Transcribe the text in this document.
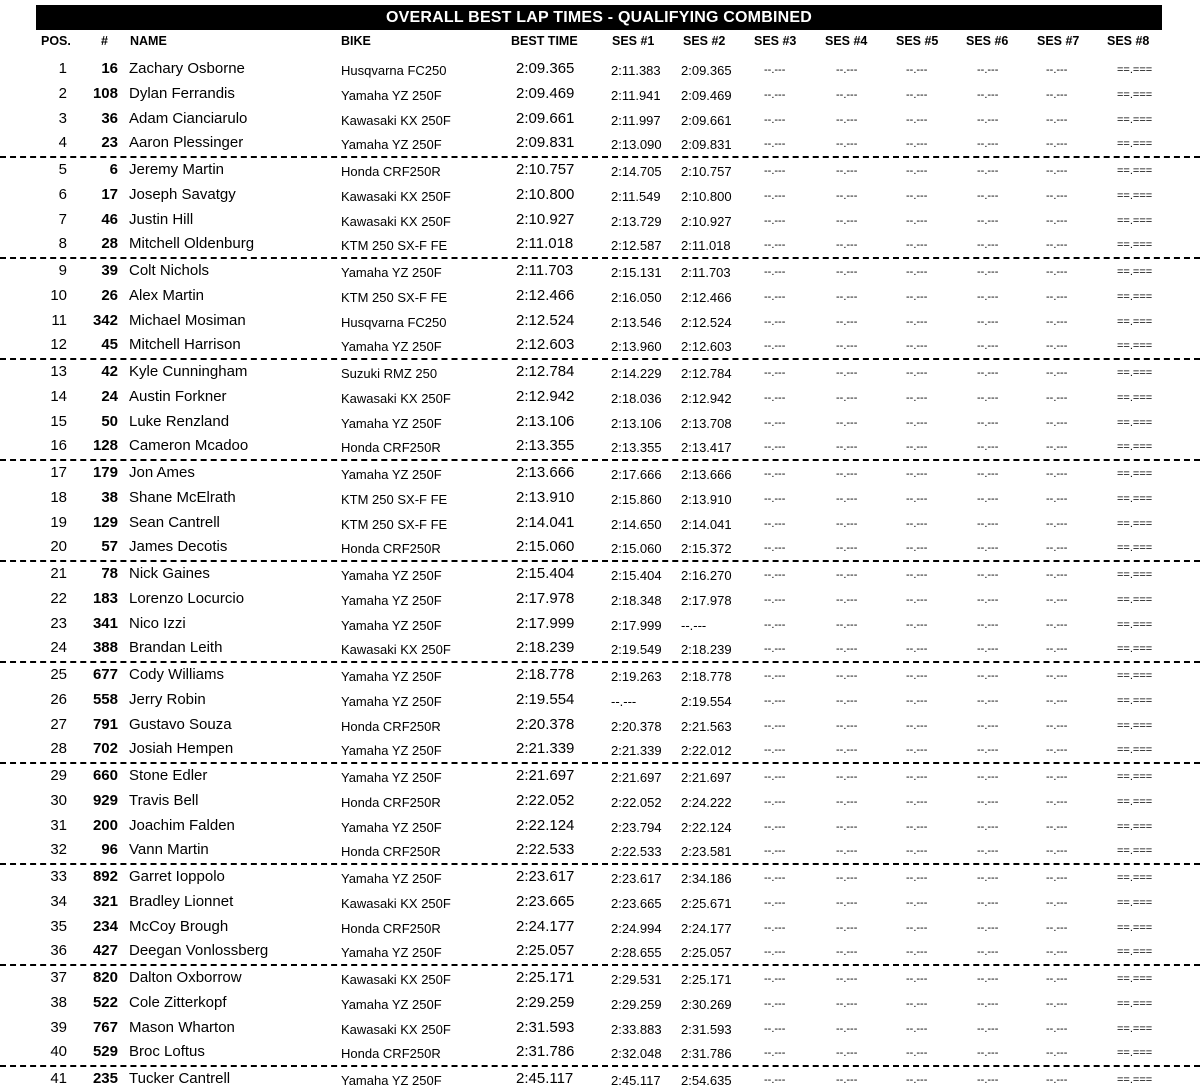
OVERALL BEST LAP TIMES - QUALIFYING COMBINED
POS. # NAME	BIKE	BEST TIME	SES #1 SES #2 SES #3 SES #4 SES #5 SES #6 SES #7 SES #8
1	16 Zachary Osborne	Husqvarna FC250	2:09.365	2:11.383 2:09.365	--.---	--.---	--.---	--.---	--.---	==.===
2	108 Dylan Ferrandis	Yamaha YZ 250F	2:09.469	2:11.941 2:09.469	--.---	--.---	--.---	--.---	--.---	==.===
3	36 Adam Cianciarulo	Kawasaki KX 250F	2:09.661	2:11.997 2:09.661	--.---	--.---	--.---	--.---	--.---	==.===
4	23 Aaron Plessinger	Yamaha YZ 250F	2:09.831	2:13.090 2:09.831	--.---	--.---	--.---	--.---	--.---	==.===
5	6 Jeremy Martin	Honda CRF250R	2:10.757	2:14.705 2:10.757	--.---	--.---	--.---	--.---	--.---	==.===
6	17 Joseph Savatgy	Kawasaki KX 250F	2:10.800	2:11.549 2:10.800	--.---	--.---	--.---	--.---	--.---	==.===
7	46 Justin Hill	Kawasaki KX 250F	2:10.927	2:13.729 2:10.927	--.---	--.---	--.---	--.---	--.---	==.===
8	28 Mitchell Oldenburg	KTM 250 SX-F FE	2:11.018	2:12.587 2:11.018	--.---	--.---	--.---	--.---	--.---	==.===
9	39 Colt Nichols	Yamaha YZ 250F	2:11.703	2:15.131 2:11.703	--.---	--.---	--.---	--.---	--.---	==.===
10	26 Alex Martin	KTM 250 SX-F FE	2:12.466	2:16.050 2:12.466	--.---	--.---	--.---	--.---	--.---	==.===
11	342 Michael Mosiman	Husqvarna FC250	2:12.524	2:13.546 2:12.524	--.---	--.---	--.---	--.---	--.---	==.===
12	45 Mitchell Harrison	Yamaha YZ 250F	2:12.603	2:13.960 2:12.603	--.---	--.---	--.---	--.---	--.---	==.===
13	42 Kyle Cunningham	Suzuki RMZ 250	2:12.784	2:14.229 2:12.784	--.---	--.---	--.---	--.---	--.---	==.===
14	24 Austin Forkner	Kawasaki KX 250F	2:12.942	2:18.036 2:12.942	--.---	--.---	--.---	--.---	--.---	==.===
15	50 Luke Renzland	Yamaha YZ 250F	2:13.106	2:13.106 2:13.708	--.---	--.---	--.---	--.---	--.---	==.===
16	128 Cameron Mcadoo	Honda CRF250R	2:13.355	2:13.355 2:13.417	--.---	--.---	--.---	--.---	--.---	==.===
17	179 Jon Ames	Yamaha YZ 250F	2:13.666	2:17.666 2:13.666	--.---	--.---	--.---	--.---	--.---	==.===
18	38 Shane McElrath	KTM 250 SX-F FE	2:13.910	2:15.860 2:13.910	--.---	--.---	--.---	--.---	--.---	==.===
19	129 Sean Cantrell	KTM 250 SX-F FE	2:14.041	2:14.650 2:14.041	--.---	--.---	--.---	--.---	--.---	==.===
20	57 James Decotis	Honda CRF250R	2:15.060	2:15.060 2:15.372	--.---	--.---	--.---	--.---	--.---	==.===
21	78 Nick Gaines	Yamaha YZ 250F	2:15.404	2:15.404 2:16.270	--.---	--.---	--.---	--.---	--.---	==.===
22	183 Lorenzo Locurcio	Yamaha YZ 250F	2:17.978	2:18.348 2:17.978	--.---	--.---	--.---	--.---	--.---	==.===
23	341 Nico Izzi	Yamaha YZ 250F	2:17.999	2:17.999 --.---	--.---	--.---	--.---	--.---	--.---	==.===
24	388 Brandan Leith	Kawasaki KX 250F	2:18.239	2:19.549 2:18.239	--.---	--.---	--.---	--.---	--.---	==.===
25	677 Cody Williams	Yamaha YZ 250F	2:18.778	2:19.263 2:18.778	--.---	--.---	--.---	--.---	--.---	==.===
26	558 Jerry Robin	Yamaha YZ 250F	2:19.554	--.---	2:19.554	--.---	--.---	--.---	--.---	--.---	==.===
27	791 Gustavo Souza	Honda CRF250R	2:20.378	2:20.378 2:21.563	--.---	--.---	--.---	--.---	--.---	==.===
28	702 Josiah Hempen	Yamaha YZ 250F	2:21.339	2:21.339 2:22.012	--.---	--.---	--.---	--.---	--.---	==.===
29	660 Stone Edler	Yamaha YZ 250F	2:21.697	2:21.697 2:21.697	--.---	--.---	--.---	--.---	--.---	==.===
30	929 Travis Bell	Honda CRF250R	2:22.052	2:22.052 2:24.222	--.---	--.---	--.---	--.---	--.---	==.===
31	200 Joachim Falden	Yamaha YZ 250F	2:22.124	2:23.794 2:22.124	--.---	--.---	--.---	--.---	--.---	==.===
32	96 Vann Martin	Honda CRF250R	2:22.533	2:22.533 2:23.581	--.---	--.---	--.---	--.---	--.---	==.===
33	892 Garret Ioppolo	Yamaha YZ 250F	2:23.617	2:23.617 2:34.186	--.---	--.---	--.---	--.---	--.---	==.===
34	321 Bradley Lionnet	Kawasaki KX 250F	2:23.665	2:23.665 2:25.671	--.---	--.---	--.---	--.---	--.---	==.===
35	234 McCoy Brough	Honda CRF250R	2:24.177	2:24.994 2:24.177	--.---	--.---	--.---	--.---	--.---	==.===
36	427 Deegan Vonlossberg	Yamaha YZ 250F	2:25.057	2:28.655 2:25.057	--.---	--.---	--.---	--.---	--.---	==.===
37	820 Dalton Oxborrow	Kawasaki KX 250F	2:25.171	2:29.531 2:25.171	--.---	--.---	--.---	--.---	--.---	==.===
38	522 Cole Zitterkopf	Yamaha YZ 250F	2:29.259	2:29.259 2:30.269	--.---	--.---	--.---	--.---	--.---	==.===
39	767 Mason Wharton	Kawasaki KX 250F	2:31.593	2:33.883 2:31.593	--.---	--.---	--.---	--.---	--.---	==.===
40	529 Broc Loftus	Honda CRF250R	2:31.786	2:32.048 2:31.786	--.---	--.---	--.---	--.---	--.---	==.===
41	235 Tucker Cantrell	Yamaha YZ 250F	2:45.117	2:45.117 2:54.635	--.---	--.---	--.---	--.---	--.---	==.===
